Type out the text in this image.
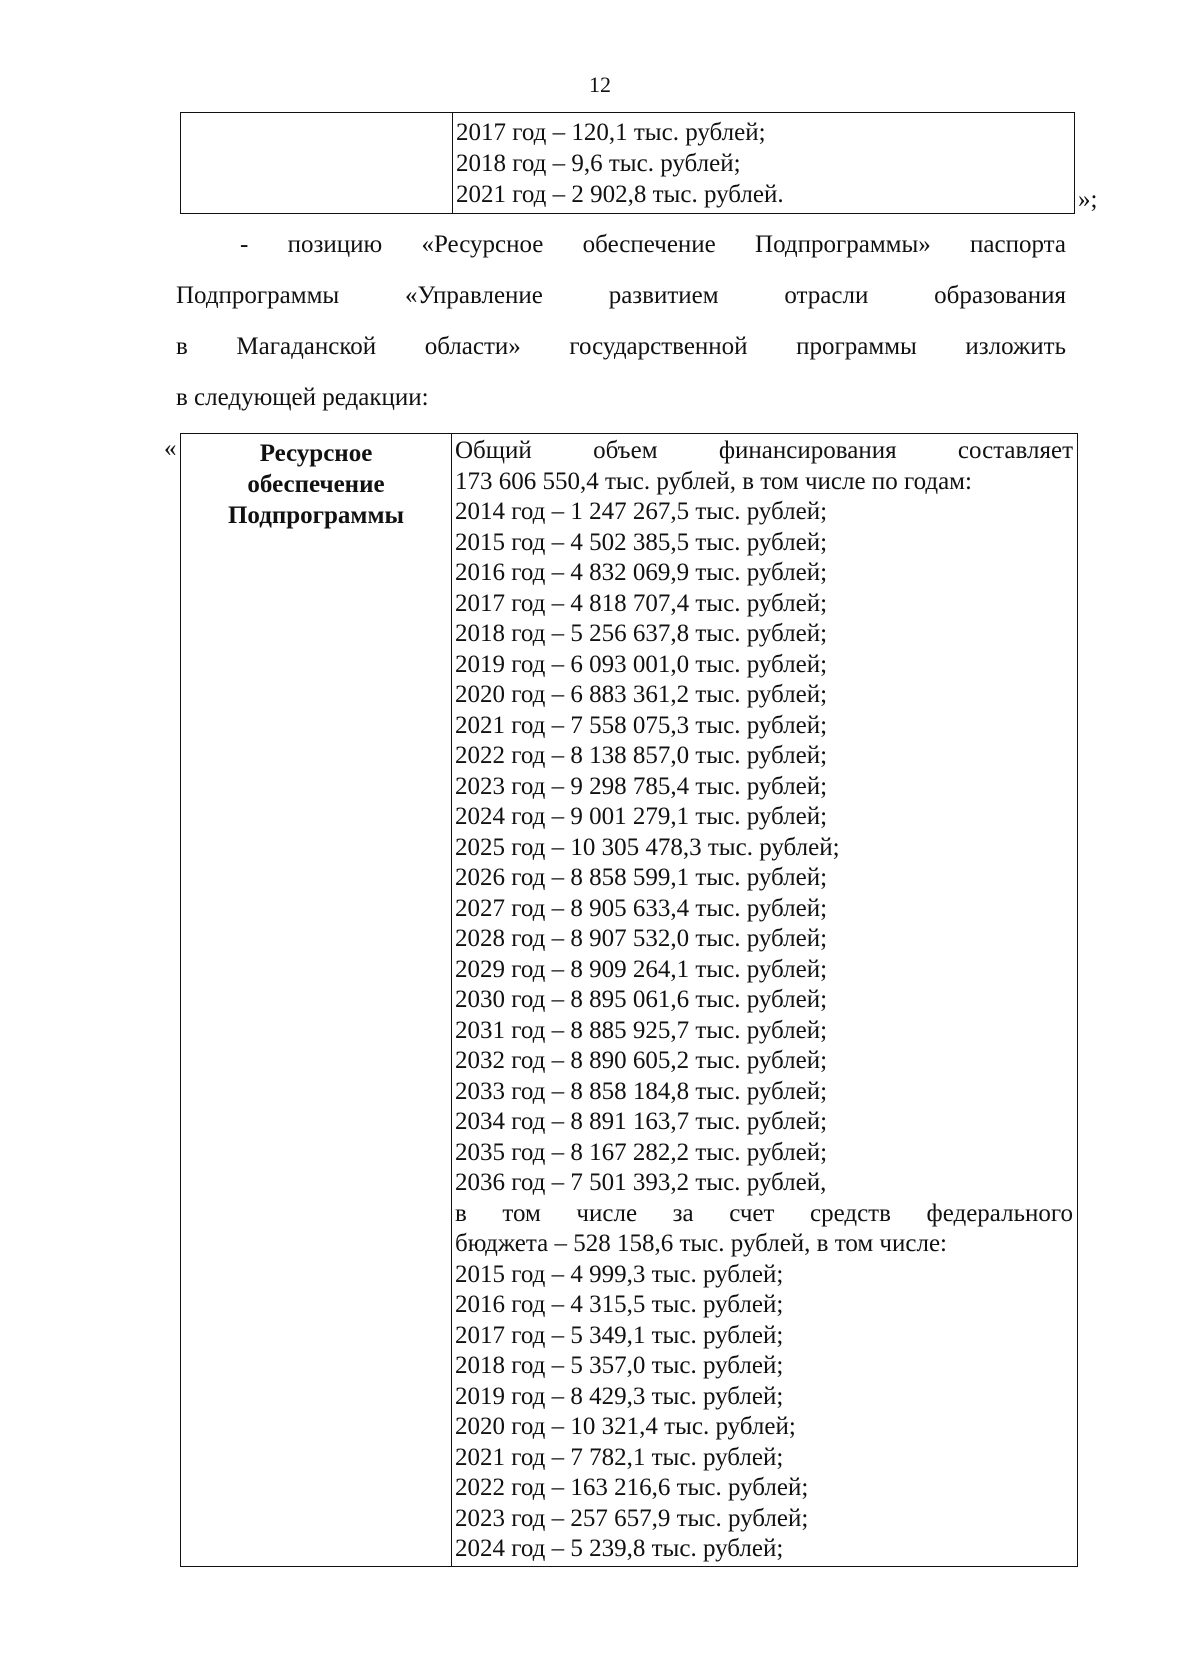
12
2017 год – 120,1 тыс. рублей;
2018 год – 9,6 тыс. рублей;
2021 год – 2 902,8 тыс. рублей.	»;
- позицию «Ресурсное обеспечение Подпрограммы» паспорта
Подпрограммы «Управление развитием отрасли образования
в Магаданской области» государственной программы изложить
в следующей редакции:
«	Ресурсное
обеспечение
Подпрограммы
Общий объем финансирования составляет
173 606 550,4 тыс. рублей, в том числе по годам:
2014 год – 1 247 267,5 тыс. рублей;
2015 год – 4 502 385,5 тыс. рублей;
2016 год – 4 832 069,9 тыс. рублей;
2017 год – 4 818 707,4 тыс. рублей;
2018 год – 5 256 637,8 тыс. рублей;
2019 год – 6 093 001,0 тыс. рублей;
2020 год – 6 883 361,2 тыс. рублей;
2021 год – 7 558 075,3 тыс. рублей;
2022 год – 8 138 857,0 тыс. рублей;
2023 год – 9 298 785,4 тыс. рублей;
2024 год – 9 001 279,1 тыс. рублей;
2025 год – 10 305 478,3 тыс. рублей;
2026 год – 8 858 599,1 тыс. рублей;
2027 год – 8 905 633,4 тыс. рублей;
2028 год – 8 907 532,0 тыс. рублей;
2029 год – 8 909 264,1 тыс. рублей;
2030 год – 8 895 061,6 тыс. рублей;
2031 год – 8 885 925,7 тыс. рублей;
2032 год – 8 890 605,2 тыс. рублей;
2033 год – 8 858 184,8 тыс. рублей;
2034 год – 8 891 163,7 тыс. рублей;
2035 год – 8 167 282,2 тыс. рублей;
2036 год – 7 501 393,2 тыс. рублей,
в том числе за счет средств федерального
бюджета – 528 158,6 тыс. рублей, в том числе:
2015 год – 4 999,3 тыс. рублей;
2016 год – 4 315,5 тыс. рублей;
2017 год – 5 349,1 тыс. рублей;
2018 год – 5 357,0 тыс. рублей;
2019 год – 8 429,3 тыс. рублей;
2020 год – 10 321,4 тыс. рублей;
2021 год – 7 782,1 тыс. рублей;
2022 год – 163 216,6 тыс. рублей;
2023 год – 257 657,9 тыс. рублей;
2024 год – 5 239,8 тыс. рублей;
